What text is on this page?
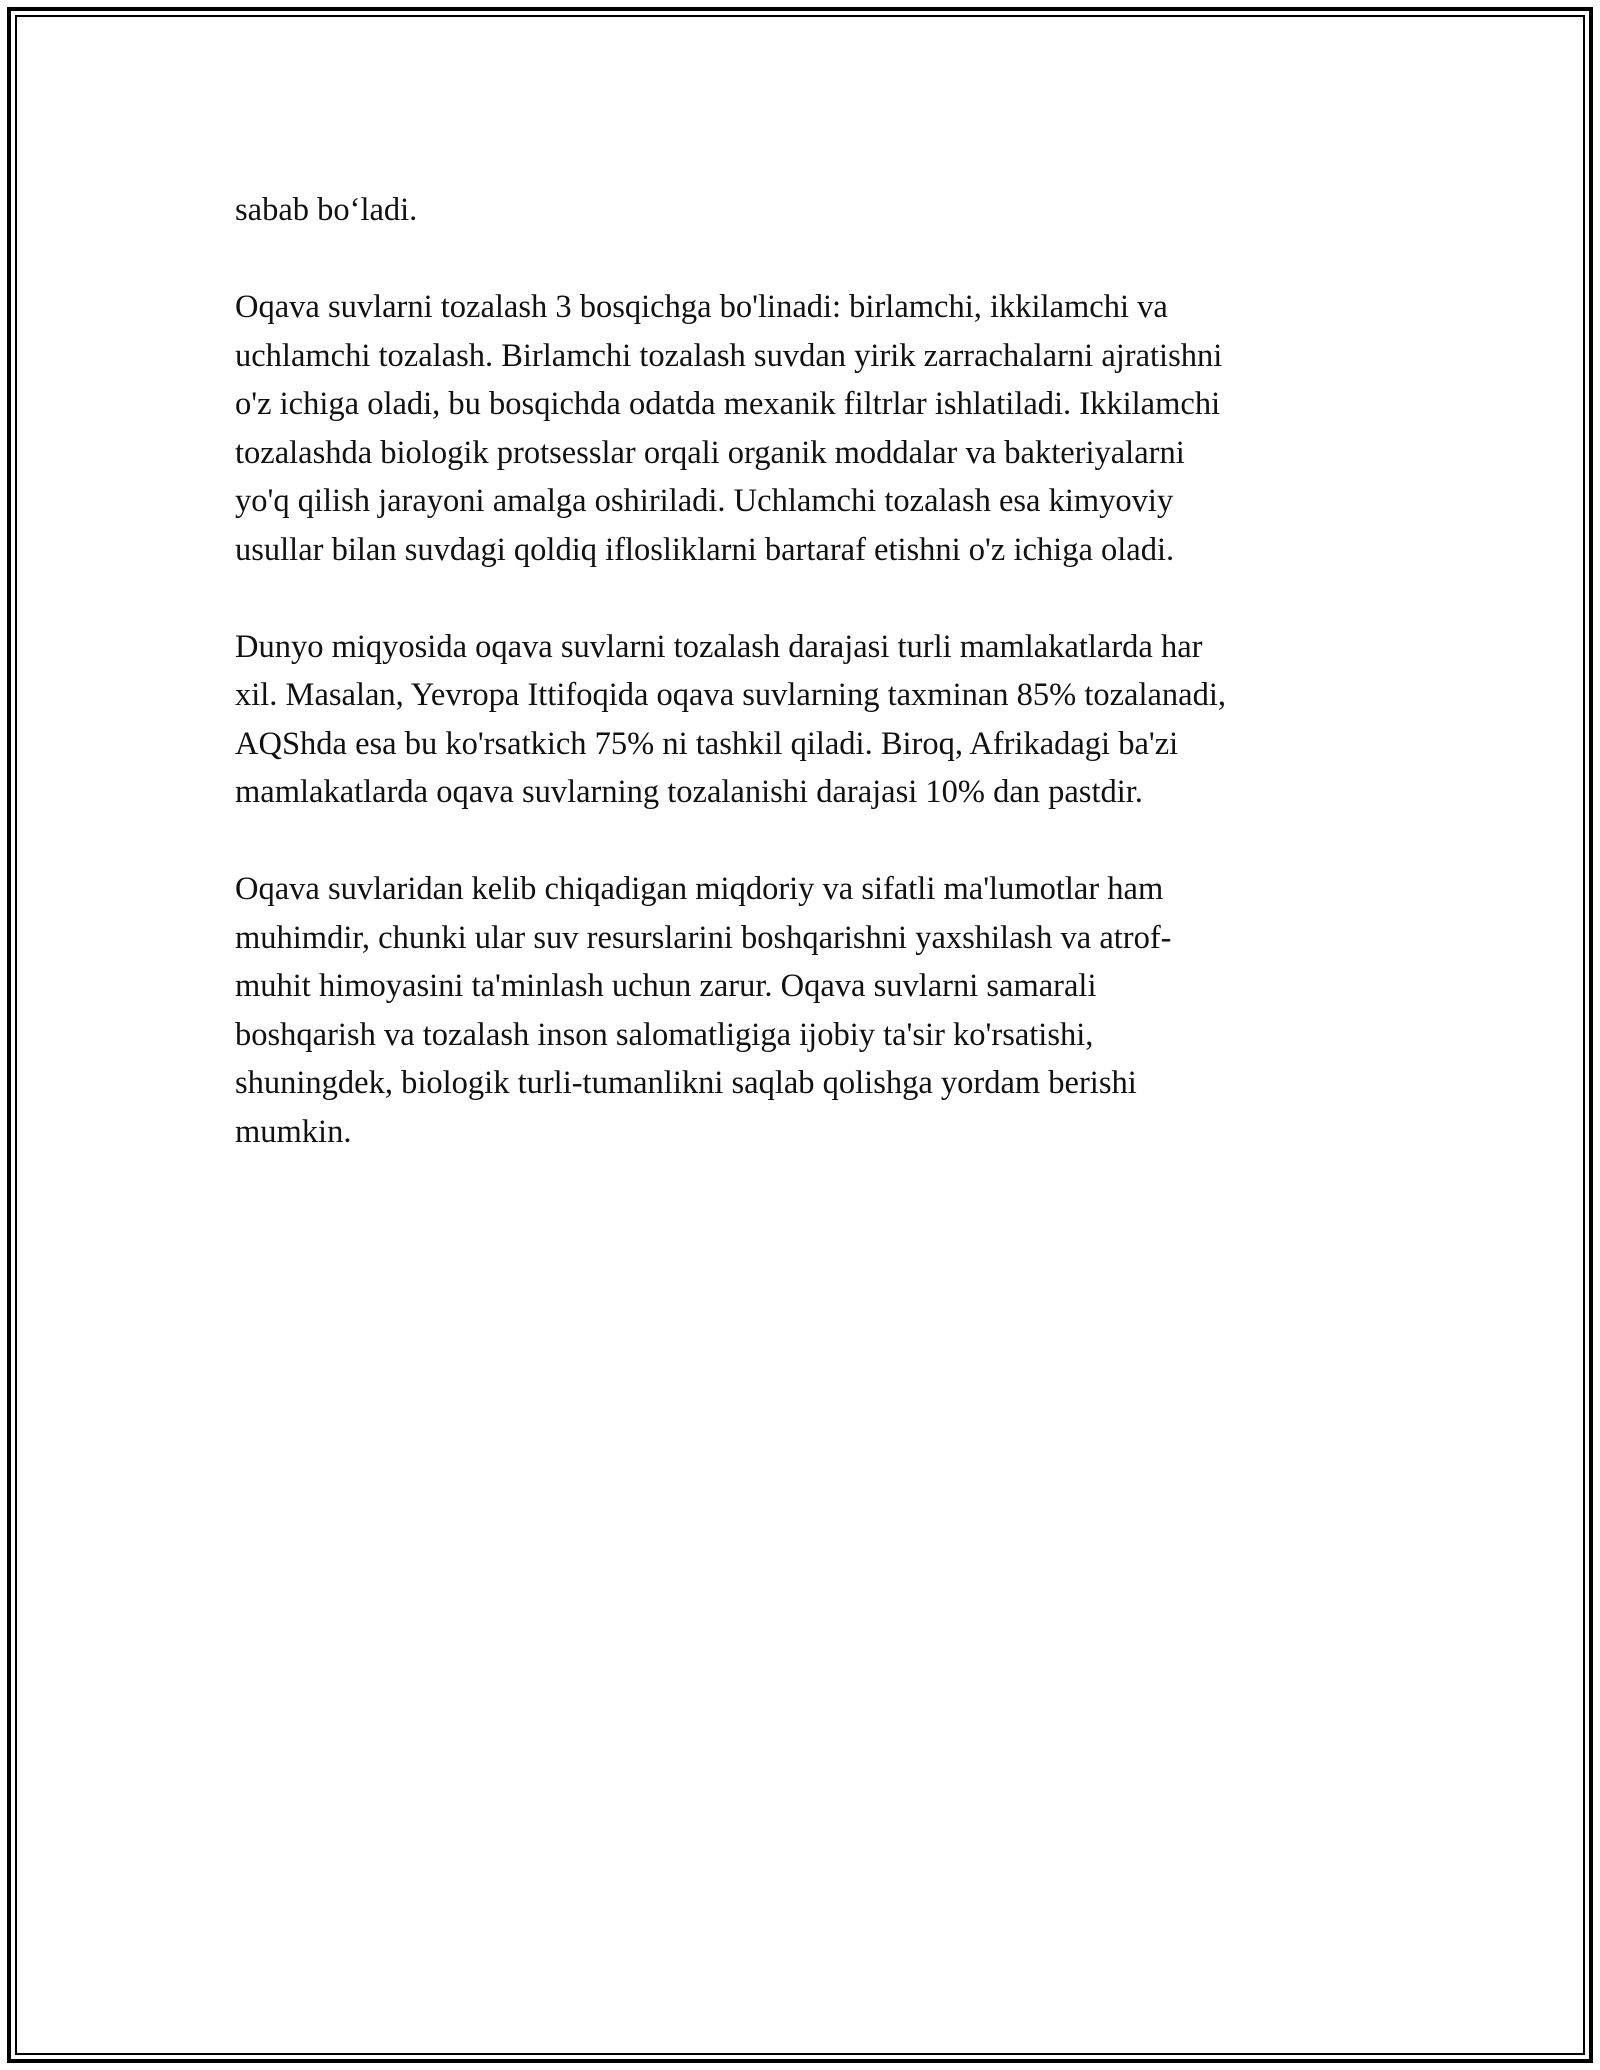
sabab bo‘ladi.

Oqava suvlarni tozalash 3 bosqichga bo'linadi: birlamchi, ikkilamchi va

uchlamchi tozalash. Birlamchi tozalash suvdan yirik zarrachalarni ajratishni

o'z ichiga oladi, bu bosqichda odatda mexanik filtrlar ishlatiladi. Ikkilamchi

tozalashda biologik protsesslar orqali organik moddalar va bakteriyalarni

yo'q qilish jarayoni amalga oshiriladi. Uchlamchi tozalash esa kimyoviy

usullar bilan suvdagi qoldiq ifloslіklarni bartaraf etishni o'z ichiga oladi.

Dunyo miqyosida oqava suvlarni tozalash darajasi turli mamlakatlarda har

xil. Masalan, Yevropa Ittifoqida oqava suvlarning taxminan 85% tozalanadi,

AQShda esa bu ko'rsatkich 75% ni tashkil qiladi. Biroq, Afrikadagi ba'zi

mamlakatlarda oqava suvlarning tozalanishi darajasi 10% dan pastdir.

Oqava suvlaridan kelib chiqadigan miqdoriy va sifatli ma'lumotlar ham

muhimdir, chunki ular suv resurslarini boshqarishni yaxshilash va atrof-

muhit himoyasini ta'minlash uchun zarur. Oqava suvlarni samarali

boshqarish va tozalash inson salomatligiga ijobiy ta'sir ko'rsatishi,

shuningdek, biologik turli-tumanlikni saqlab qolishga yordam berishi

mumkin.
